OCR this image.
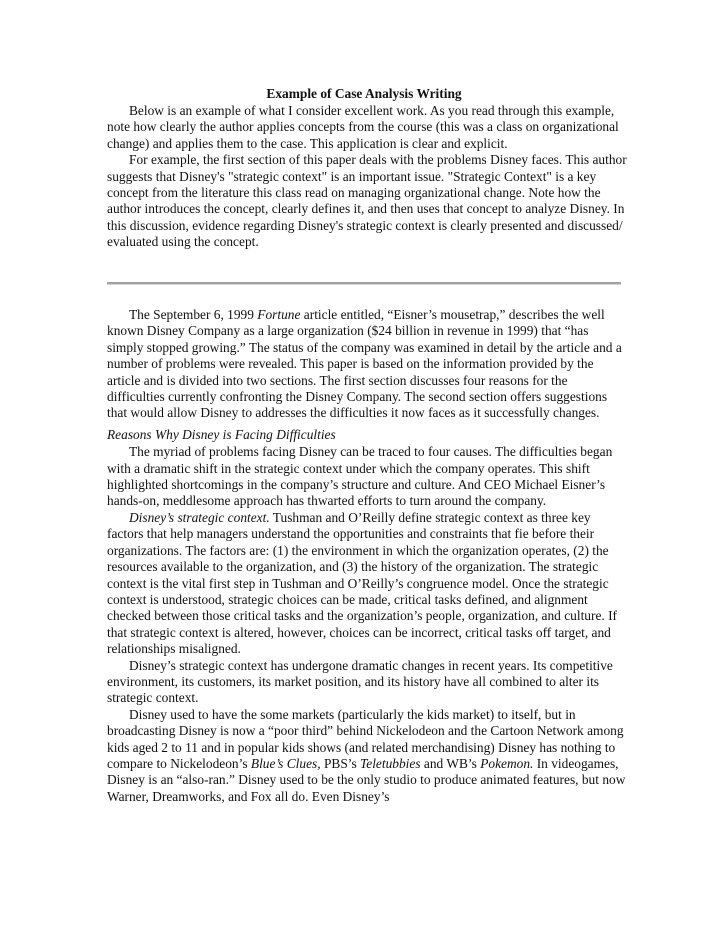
Example of Case Analysis Writing

Below is an example of what I consider excellent work. As you read through this example, note how clearly the author applies concepts from the course (this was a class on organizational change) and applies them to the case. This application is clear and explicit.

For example, the first section of this paper deals with the problems Disney faces. This author suggests that Disney's "strategic context" is an important issue. "Strategic Context" is a key concept from the literature this class read on managing organizational change. Note how the author introduces the concept, clearly defines it, and then uses that concept to analyze Disney. In this discussion, evidence regarding Disney's strategic context is clearly presented and discussed/ evaluated using the concept.

The September 6, 1999 Fortune article entitled, “Eisner’s mousetrap,” describes the well known Disney Company as a large organization ($24 billion in revenue in 1999) that “has simply stopped growing.” The status of the company was examined in detail by the article and a number of problems were revealed. This paper is based on the information provided by the article and is divided into two sections. The first section discusses four reasons for the difficulties currently confronting the Disney Company. The second section offers suggestions that would allow Disney to addresses the difficulties it now faces as it successfully changes.

Reasons Why Disney is Facing Difficulties

The myriad of problems facing Disney can be traced to four causes. The difficulties began with a dramatic shift in the strategic context under which the company operates. This shift highlighted shortcomings in the company’s structure and culture. And CEO Michael Eisner’s hands-on, meddlesome approach has thwarted efforts to turn around the company.

Disney’s strategic context. Tushman and O’Reilly define strategic context as three key factors that help managers understand the opportunities and constraints that fie before their organizations. The factors are: (1) the environment in which the organization operates, (2) the resources available to the organization, and (3) the history of the organization. The strategic context is the vital first step in Tushman and O’Reilly’s congruence model. Once the strategic context is understood, strategic choices can be made, critical tasks defined, and alignment checked between those critical tasks and the organization’s people, organization, and culture. If that strategic context is altered, however, choices can be incorrect, critical tasks off target, and relationships misaligned.

Disney’s strategic context has undergone dramatic changes in recent years. Its competitive environment, its customers, its market position, and its history have all combined to alter its strategic context.

Disney used to have the some markets (particularly the kids market) to itself, but in broadcasting Disney is now a “poor third” behind Nickelodeon and the Cartoon Network among kids aged 2 to 11 and in popular kids shows (and related merchandising) Disney has nothing to compare to Nickelodeon’s Blue’s Clues, PBS’s Teletubbies and WB’s Pokemon. In videogames, Disney is an “also-ran.” Disney used to be the only studio to produce animated features, but now Warner, Dreamworks, and Fox all do. Even Disney’s
